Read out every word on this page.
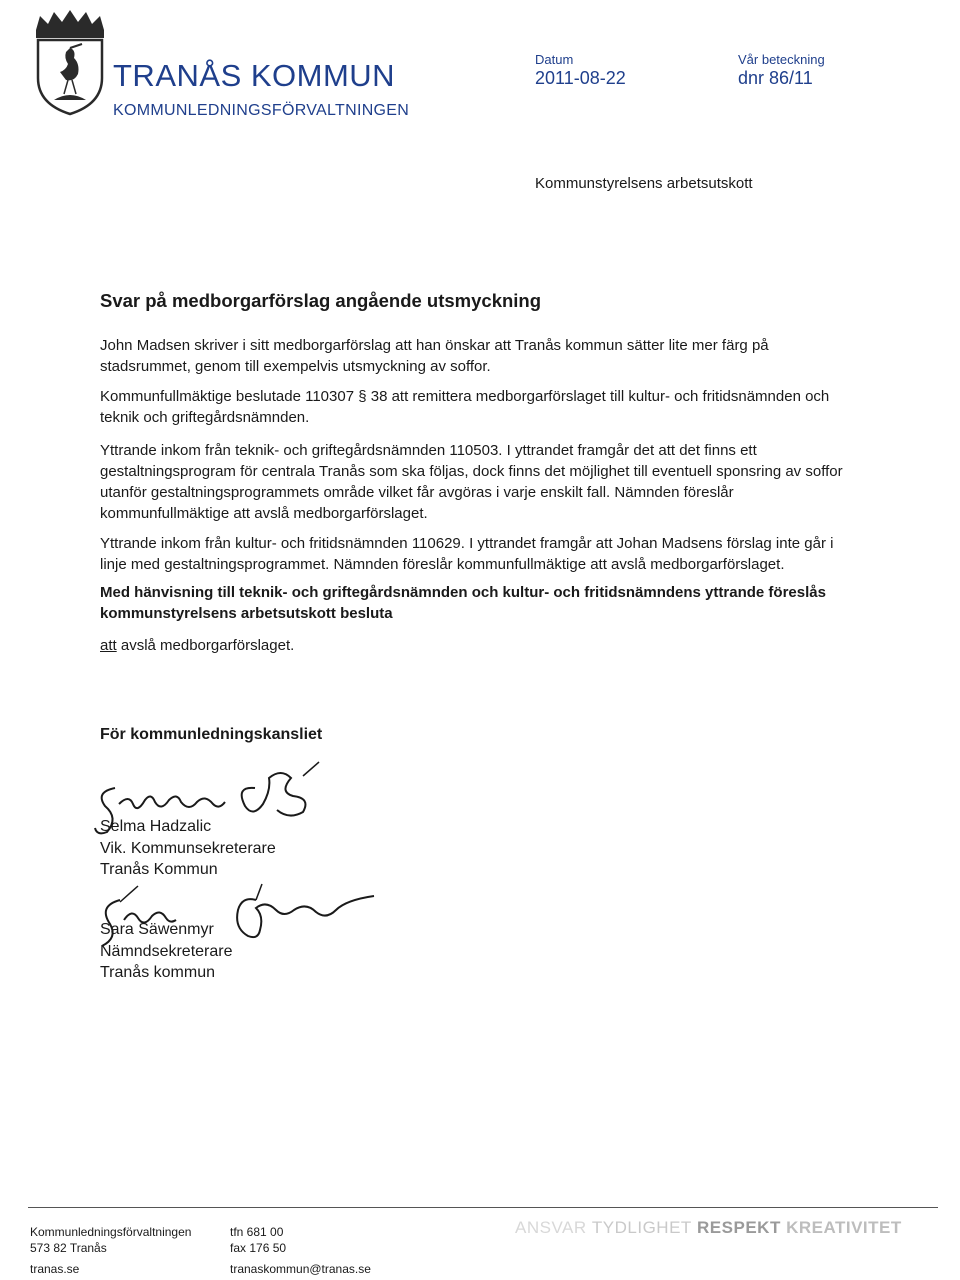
TRANÅS KOMMUN
KOMMUNLEDNINGSFÖRVALTNINGEN
Datum
2011-08-22
Vår beteckning
dnr 86/11
Kommunstyrelsens arbetsutskott
Svar på medborgarförslag angående utsmyckning
John Madsen skriver i sitt medborgarförslag att han önskar att Tranås kommun sätter lite mer färg på stadsrummet, genom till exempelvis utsmyckning av soffor.
Kommunfullmäktige beslutade 110307 § 38 att remittera medborgarförslaget till kultur- och fritidsnämnden och teknik och griftegårdsnämnden.
Yttrande inkom från teknik- och griftegårdsnämnden 110503. I yttrandet framgår det att det finns ett gestaltningsprogram för centrala Tranås som ska följas, dock finns det möjlighet till eventuell sponsring av soffor utanför gestaltningsprogrammets område vilket får avgöras i varje enskilt fall. Nämnden föreslår kommunfullmäktige att avslå medborgarförslaget.
Yttrande inkom från kultur- och fritidsnämnden 110629. I yttrandet framgår att Johan Madsens förslag inte går i linje med gestaltningsprogrammet. Nämnden föreslår kommunfullmäktige att avslå medborgarförslaget.
Med hänvisning till teknik- och griftegårdsnämnden och kultur- och fritidsnämndens yttrande föreslås kommunstyrelsens arbetsutskott besluta
att avslå medborgarförslaget.
För kommunledningskansliet
Selma Hadzalic
Vik. Kommunsekreterare
Tranås Kommun
Sara Säwenmyr
Nämndsekreterare
Tranås kommun
Kommunledningsförvaltningen
573 82 Tranås
tranas.se
tfn 681 00
fax 176 50
tranaskommun@tranas.se
ANSVAR TYDLIGHET RESPEKT KREATIVITET
